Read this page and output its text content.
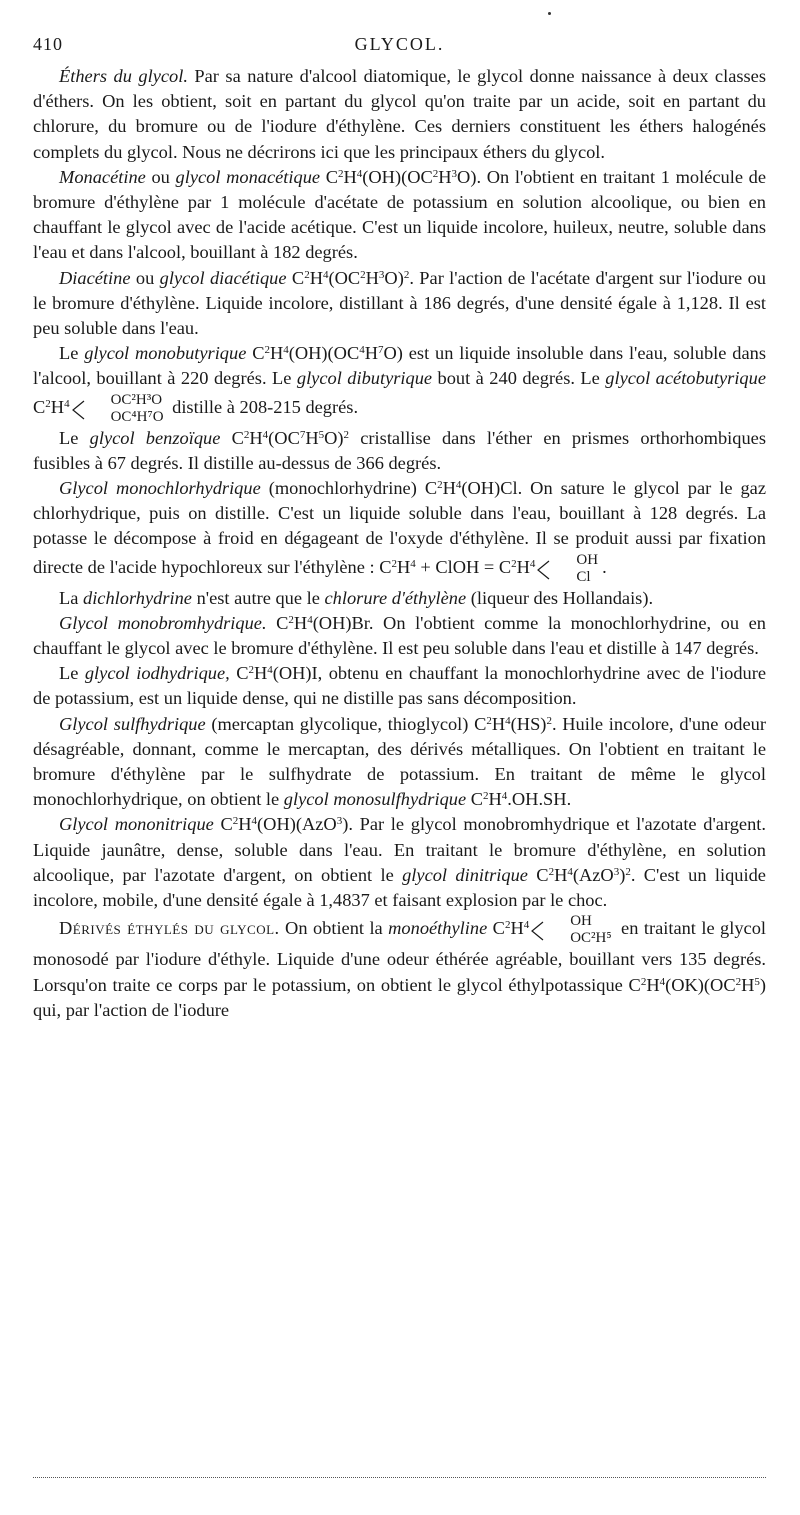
410	GLYCOL.

Éthers du glycol. Par sa nature d'alcool diatomique, le glycol donne naissance à deux classes d'éthers. On les obtient, soit en partant du glycol qu'on traite par un acide, soit en partant du chlorure, du bromure ou de l'iodure d'éthylène. Ces derniers constituent les éthers halogénés complets du glycol. Nous ne décrirons ici que les principaux éthers du glycol.

Monacétine ou glycol monacétique $C^2H^4(OH)(OC^2H^3O)$. On l'obtient en traitant 1 molécule de bromure d'éthylène par 1 molécule d'acétate de potassium en solution alcoolique, ou bien en chauffant le glycol avec de l'acide acétique. C'est un liquide incolore, huileux, neutre, soluble dans l'eau et dans l'alcool, bouillant à 182 degrés.

Diacétine ou glycol diacétique $C^2H^4(OC^2H^3O)^2$. Par l'action de l'acétate d'argent sur l'iodure ou le bromure d'éthylène. Liquide incolore, distillant à 186 degrés, d'une densité égale à 1,128. Il est peu soluble dans l'eau.

Le glycol monobutyrique $C^2H^4(OH)(OC^4H^7O)$ est un liquide insoluble dans l'eau, soluble dans l'alcool, bouillant à 220 degrés. Le glycol dibutyrique bout à 240 degrés. Le glycol acétobutyrique $C^2H^4$	OC²H³O
OC⁴H⁷O distille à 208-215 degrés.

Le glycol benzoïque $C^2H^4(OC^7H^5O)^2$ cristallise dans l'éther en prismes orthorhombiques fusibles à 67 degrés. Il distille au-dessus de 366 degrés.

Glycol monochlorhydrique (monochlorhydrine) $C^2H^4(OH)Cl$. On sature le glycol par le gaz chlorhydrique, puis on distille. C'est un liquide soluble dans l'eau, bouillant à 128 degrés. La potasse le décompose à froid en dégageant de l'oxyde d'éthylène. Il se produit aussi par fixation directe de l'acide hypochloreux sur l'éthylène : $C^2H^4$ + ClOH = $C^2H^4$	OH
Cl .

La dichlorhydrine n'est autre que le chlorure d'éthylène (liqueur des Hollandais).

Glycol monobromhydrique. $C^2H^4(OH)Br$. On l'obtient comme la monochlorhydrine, ou en chauffant le glycol avec le bromure d'éthylène. Il est peu soluble dans l'eau et distille à 147 degrés.

Le glycol iodhydrique, $C^2H^4(OH)I$, obtenu en chauffant la monochlorhydrine avec de l'iodure de potassium, est un liquide dense, qui ne distille pas sans décomposition.

Glycol sulfhydrique (mercaptan glycolique, thioglycol) $C^2H^4(HS)^2$. Huile incolore, d'une odeur désagréable, donnant, comme le mercaptan, des dérivés métalliques. On l'obtient en traitant le bromure d'éthylène par le sulfhydrate de potassium. En traitant de même le glycol monochlorhydrique, on obtient le glycol monosulfhydrique $C^2H^4.OH.SH$.

Glycol mononitrique $C^2H^4(OH)(AzO^3)$. Par le glycol monobromhydrique et l'azotate d'argent. Liquide jaunâtre, dense, soluble dans l'eau. En traitant le bromure d'éthylène, en solution alcoolique, par l'azotate d'argent, on obtient le glycol dinitrique $C^2H^4(AzO^3)^2$. C'est un liquide incolore, mobile, d'une densité égale à 1,4837 et faisant explosion par le choc.

Dérivés éthylés du glycol. On obtient la monoéthyline $C^2H^4$	OH
OC²H⁵ en traitant le glycol monosodé par l'iodure d'éthyle. Liquide d'une odeur éthérée agréable, bouillant vers 135 degrés. Lorsqu'on traite ce corps par le potassium, on obtient le glycol éthylpotassique $C^2H^4(OK)(OC^2H^5)$ qui, par l'action de l'iodure
